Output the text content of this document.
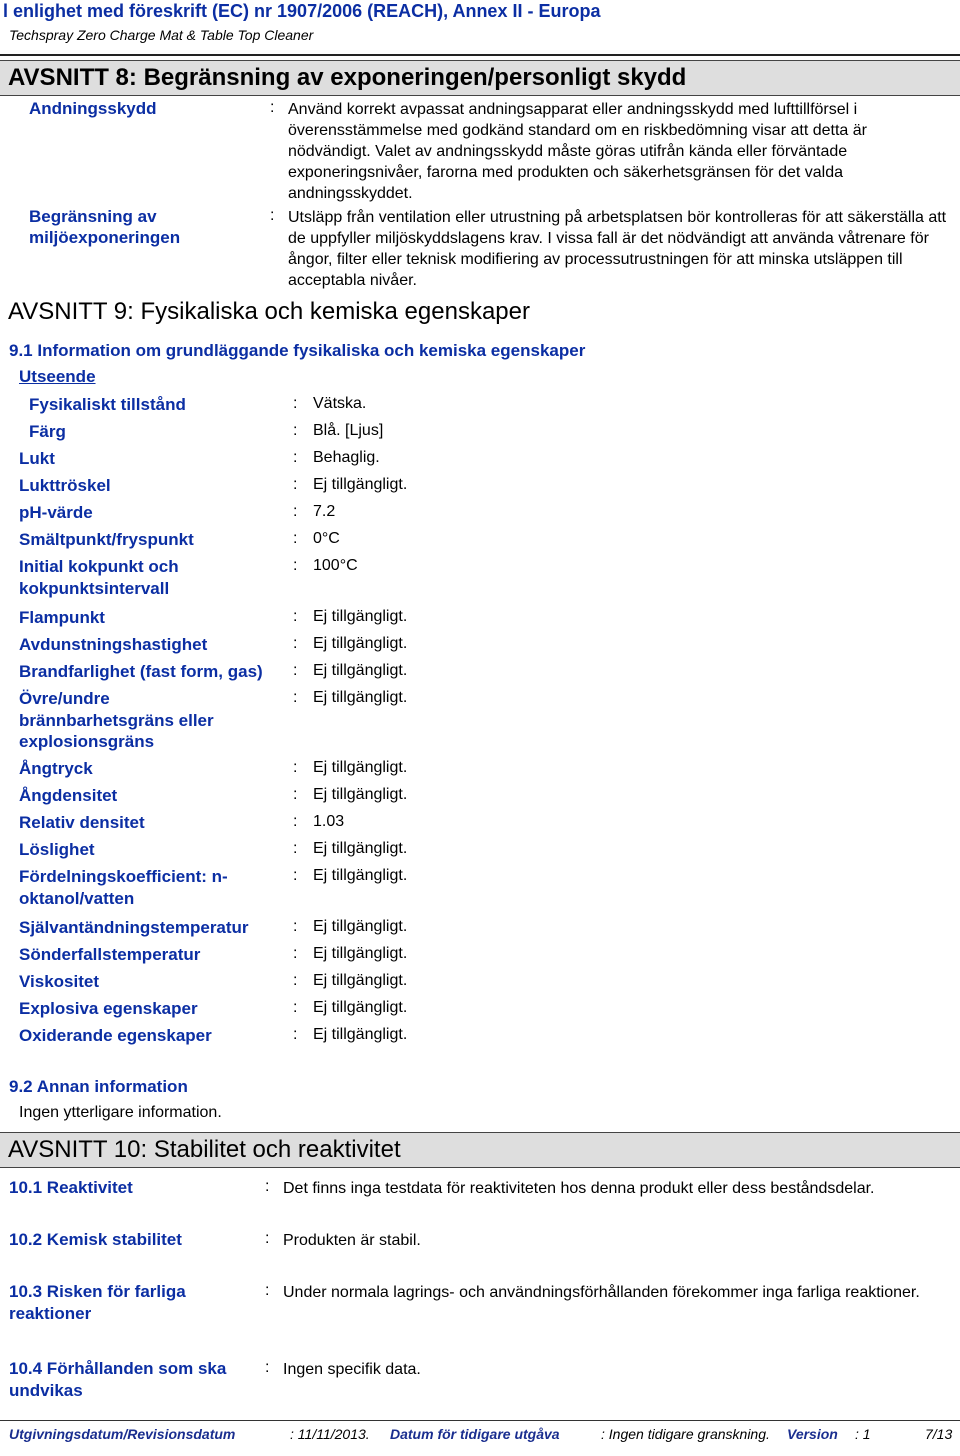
l enlighet med föreskrift (EC) nr 1907/2006 (REACH), Annex II - Europa
Techspray Zero Charge Mat & Table Top Cleaner
AVSNITT 8: Begränsning av exponeringen/personligt skydd
Andningsskydd	: Använd korrekt avpassat andningsapparat eller andningsskydd med lufttillförsel i överensstämmelse med godkänd standard om en riskbedömning visar att detta är nödvändigt. Valet av andningsskydd måste göras utifrån kända eller förväntade exponeringsnivåer, farorna med produkten och säkerhetsgränsen för det valda andningsskyddet.
Begränsning av miljöexponeringen
: Utsläpp från ventilation eller utrustning på arbetsplatsen bör kontrolleras för att säkerställa att de uppfyller miljöskyddslagens krav. I vissa fall är det nödvändigt att använda våtrenare för ångor, filter eller teknisk modifiering av processutrustningen för att minska utsläppen till acceptabla nivåer.
AVSNITT 9: Fysikaliska och kemiska egenskaper
9.1 Information om grundläggande fysikaliska och kemiska egenskaper
Utseende
Fysikaliskt tillstånd	: Vätska.
Färg	: Blå. [Ljus]
Lukt	: Behaglig.
Lukttröskel	: Ej tillgängligt.
pH-värde	: 7.2
Smältpunkt/fryspunkt	: 0°C
Initial kokpunkt och kokpunktsintervall
: 100°C
Flampunkt	: Ej tillgängligt.
Avdunstningshastighet	: Ej tillgängligt.
Brandfarlighet (fast form, gas)	: Ej tillgängligt.
Övre/undre brännbarhetsgräns eller explosionsgräns
: Ej tillgängligt.
Ångtryck	: Ej tillgängligt.
Ångdensitet	: Ej tillgängligt.
Relativ densitet	: 1.03
Löslighet	: Ej tillgängligt.
Fördelningskoefficient: n-oktanol/vatten
: Ej tillgängligt.
Självantändningstemperatur	: Ej tillgängligt.
Sönderfallstemperatur	: Ej tillgängligt.
Viskositet	: Ej tillgängligt.
Explosiva egenskaper	: Ej tillgängligt.
Oxiderande egenskaper	: Ej tillgängligt.
9.2 Annan information
Ingen ytterligare information.
AVSNITT 10: Stabilitet och reaktivitet
10.1 Reaktivitet	: Det finns inga testdata för reaktiviteten hos denna produkt eller dess beståndsdelar.
10.2 Kemisk stabilitet	: Produkten är stabil.
10.3 Risken för farliga reaktioner
: Under normala lagrings- och användningsförhållanden förekommer inga farliga reaktioner.
10.4 Förhållanden som ska undvikas
: Ingen specifik data.
Utgivningsdatum/Revisionsdatum	: 11/11/2013. Datum för tidigare utgåva	: Ingen tidigare granskning. Version : 1	7/13
